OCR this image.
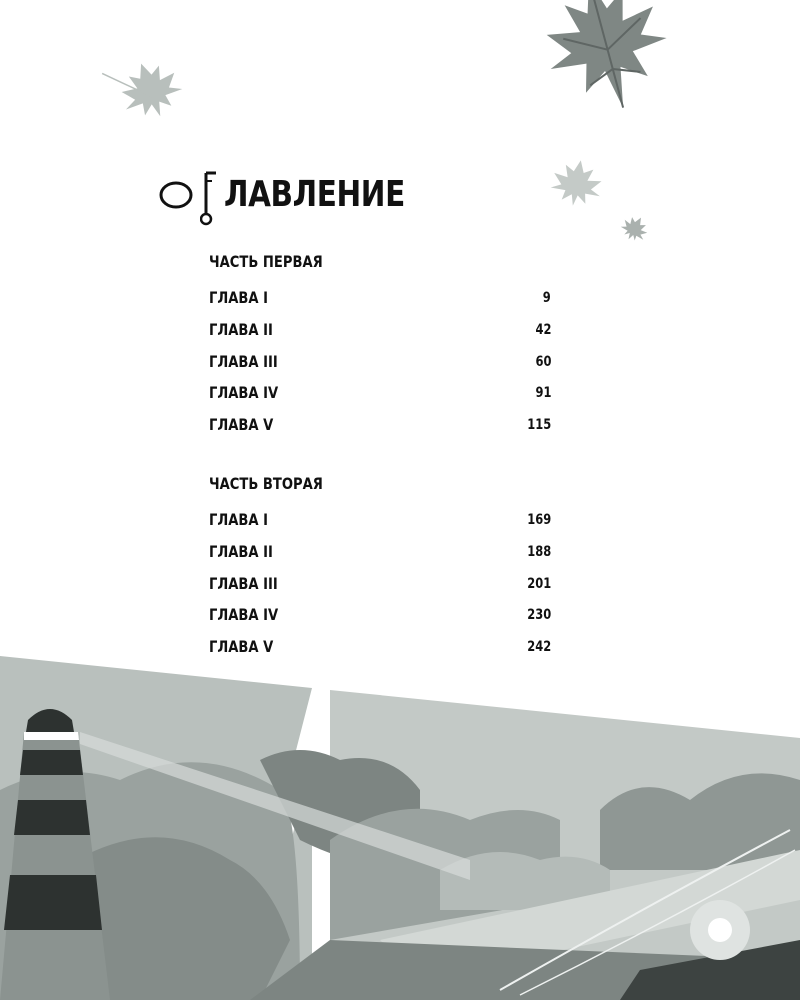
ЛАВЛЕНИЕ
ЧАСТЬ ПЕРВАЯ
ГЛАВА I	9
ГЛАВА II	42
ГЛАВА III	60
ГЛАВА IV	91
ГЛАВА V	115
ЧАСТЬ ВТОРАЯ
ГЛАВА I	169
ГЛАВА II	188
ГЛАВА III	201
ГЛАВА IV	230
ГЛАВА V	242
